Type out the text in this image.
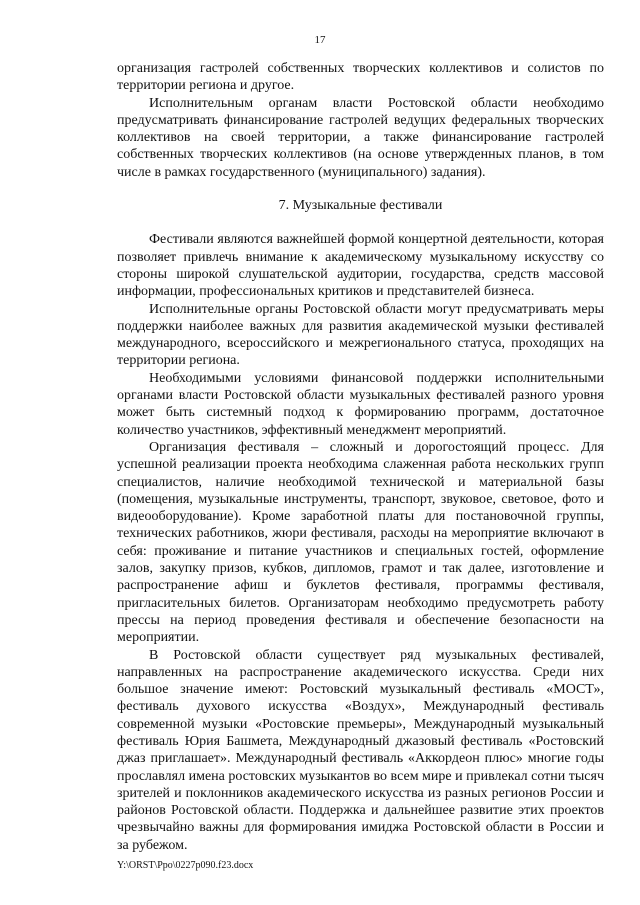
17

организация гастролей собственных творческих коллективов и солистов по территории региона и другое.

Исполнительным органам власти Ростовской области необходимо предусматривать финансирование гастролей ведущих федеральных творческих коллективов на своей территории, а также финансирование гастролей собственных творческих коллективов (на основе утвержденных планов, в том числе в рамках государственного (муниципального) задания).

7. Музыкальные фестивали

Фестивали являются важнейшей формой концертной деятельности, которая позволяет привлечь внимание к академическому музыкальному искусству со стороны широкой слушательской аудитории, государства, средств массовой информации, профессиональных критиков и представителей бизнеса.

Исполнительные органы Ростовской области могут предусматривать меры поддержки наиболее важных для развития академической музыки фестивалей международного, всероссийского и межрегионального статуса, проходящих на территории региона.

Необходимыми условиями финансовой поддержки исполнительными органами власти Ростовской области музыкальных фестивалей разного уровня может быть системный подход к формированию программ, достаточное количество участников, эффективный менеджмент мероприятий.

Организация фестиваля – сложный и дорогостоящий процесс. Для успешной реализации проекта необходима слаженная работа нескольких групп специалистов, наличие необходимой технической и материальной базы (помещения, музыкальные инструменты, транспорт, звуковое, световое, фото и видеооборудование). Кроме заработной платы для постановочной группы, технических работников, жюри фестиваля, расходы на мероприятие включают в себя: проживание и питание участников и специальных гостей, оформление залов, закупку призов, кубков, дипломов, грамот и так далее, изготовление и распространение афиш и буклетов фестиваля, программы фестиваля, пригласительных билетов. Организаторам необходимо предусмотреть работу прессы на период проведения фестиваля и обеспечение безопасности на мероприятии.

В Ростовской области существует ряд музыкальных фестивалей, направленных на распространение академического искусства. Среди них большое значение имеют: Ростовский музыкальный фестиваль «МОСТ», фестиваль духового искусства «Воздух», Международный фестиваль современной музыки «Ростовские премьеры», Международный музыкальный фестиваль Юрия Башмета, Международный джазовый фестиваль «Ростовский джаз приглашает». Международный фестиваль «Аккордеон плюс» многие годы прославлял имена ростовских музыкантов во всем мире и привлекал сотни тысяч зрителей и поклонников академического искусства из разных регионов России и районов Ростовской области. Поддержка и дальнейшее развитие этих проектов чрезвычайно важны для формирования имиджа Ростовской области в России и за рубежом.

Y:\ORST\Ppo\0227p090.f23.docx
